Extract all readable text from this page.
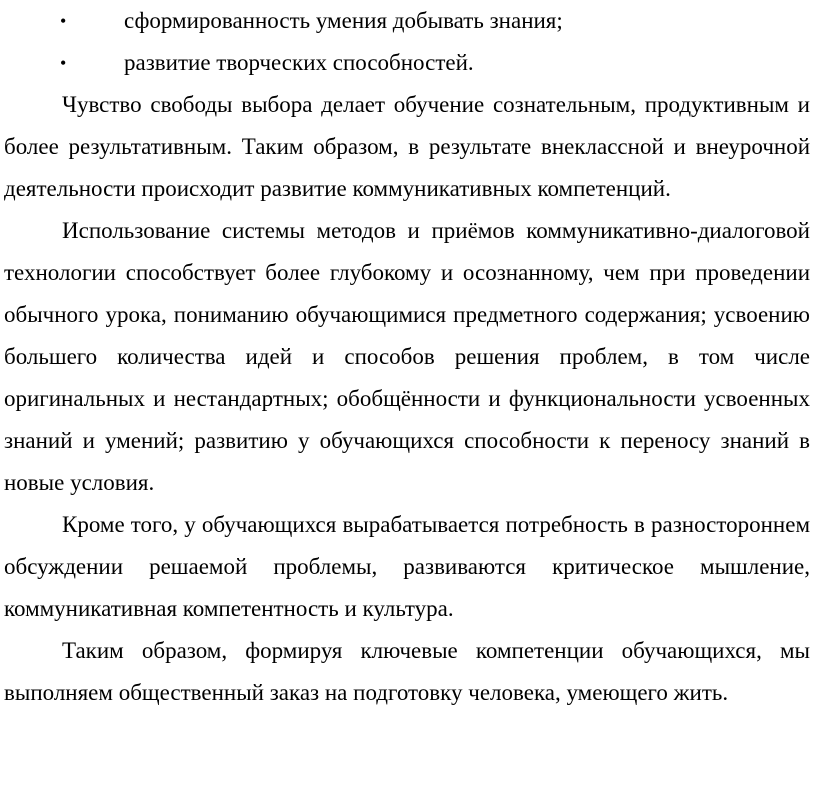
•	сформированность умения добывать знания;
•	развитие творческих способностей.

Чувство свободы выбора делает обучение сознательным, продуктивным и более результативным. Таким образом, в результате внеклассной и внеурочной деятельности происходит развитие коммуникативных компетенций.

Использование системы методов и приёмов коммуникативно-диалоговой технологии способствует более глубокому и осознанному, чем при проведении обычного урока, пониманию обучающимися предметного содержания; усвоению большего количества идей и способов решения проблем, в том числе оригинальных и нестандартных; обобщённости и функциональности усвоенных знаний и умений; развитию у обучающихся способности к переносу знаний в новые условия.

Кроме того, у обучающихся вырабатывается потребность в разностороннем обсуждении решаемой проблемы, развиваются критическое мышление, коммуникативная компетентность и культура.

Таким образом, формируя ключевые компетенции обучающихся, мы выполняем общественный заказ на подготовку человека, умеющего жить.
